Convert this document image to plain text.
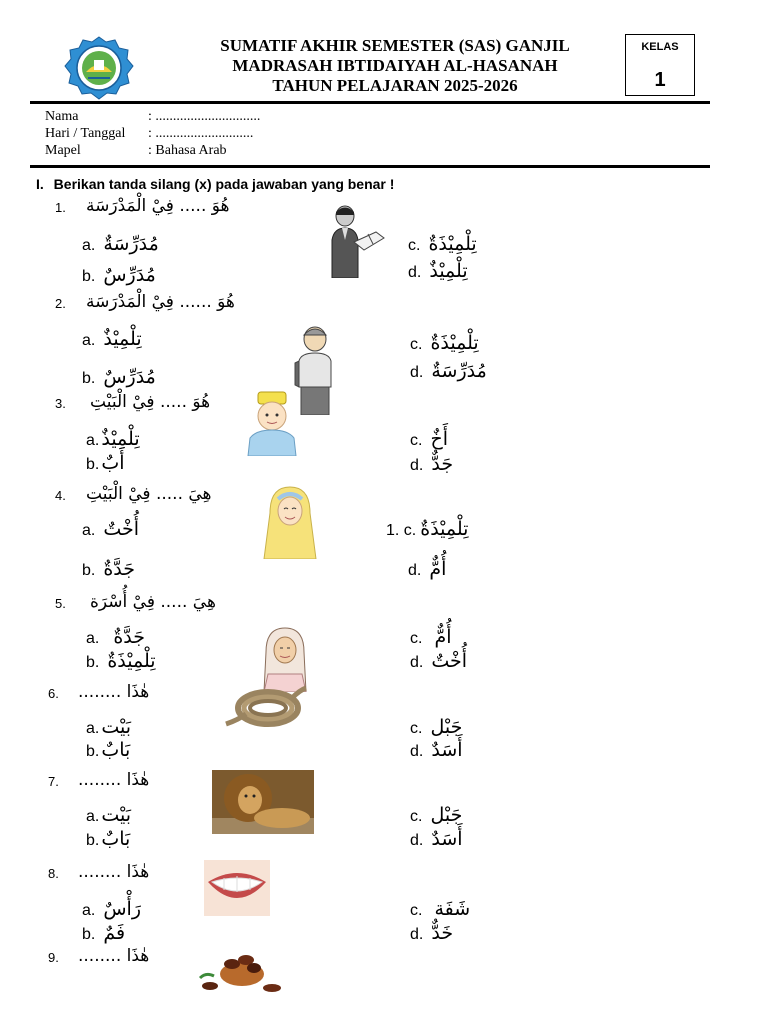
SUMATIF AKHIR SEMESTER (SAS) GANJIL
MADRASAH IBTIDAIYAH AL-HASANAH
TAHUN PELAJARAN 2025-2026
KELAS
1
Nama	: ..............................
Hari / Tanggal : ............................
Mapel	: Bahasa Arab
I. Berikan tanda silang (x) pada jawaban yang benar !
1. هُوَ ..... فِيْ الْمَدْرَسَة
a. مُدَرِّسَةٌ
b. مُدَرِّسٌ
c. تِلْمِيْذَةٌ
d. تِلْمِيْذٌ
2. هُوَ ...... فِيْ الْمَدْرَسَة
a. تِلْمِيْذٌ
b. مُدَرِّسٌ
c. تِلْمِيْذَةٌ
d. مُدَرِّسَةٌ
3. هُوَ ..... فِيْ الْبَيْتِ
a. تِلْمِيْذٌ
b. أَبٌ
c. أَخٌ
d. جَدٌّ
4. هِيَ ..... فِيْ الْبَيْتِ
a. أُخْتٌ
b. جَدَّةٌ
1. c. تِلْمِيْذَةٌ
d. أُمٌّ
5. هِيَ ..... فِيْ أُسْرَة
a. جَدَّةٌ
b. تِلْمِيْذَةٌ
c. أُمٌّ
d. أُخْتٌ
6. هٰذَا ........
a. بَيْت
b. بَابٌ
c. جَبْل
d. أَسَدٌ
7. هٰذَا ........
a. بَيْت
b. بَابٌ
c. جَبْل
d. أَسَدٌ
8. هٰذَا ........
a. رَأْسٌ
b. فَمٌ
c. شَفَة
d. خَدٌّ
9. هٰذَا ........
